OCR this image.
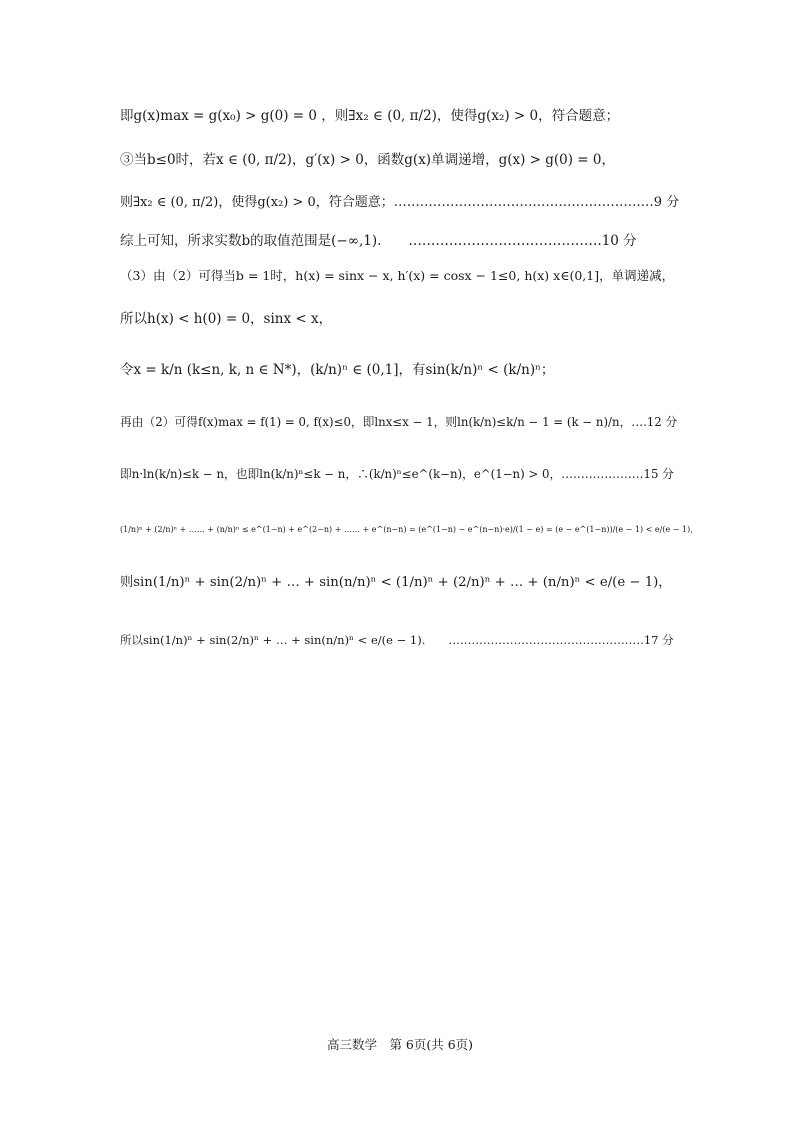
即g(x)max = g(x₀) > g(0) = 0 ，则∃x₂ ∈ (0, π/2)，使得g(x₂) > 0，符合题意；
③当b≤0时，若x ∈ (0, π/2)，g′(x) > 0，函数g(x)单调递增，g(x) > g(0) = 0，
则∃x₂ ∈ (0, π/2)，使得g(x₂) > 0，符合题意；……………………………………………………9 分
综上可知，所求实数b的取值范围是(−∞,1).　　…………………………………….10 分
（3）由（2）可得当b = 1时，h(x) = sinx − x, h′(x) = cosx − 1≤0, h(x) x∈(0,1]，单调递减，
所以h(x) < h(0) = 0，sinx < x，
令x = k/n (k≤n, k, n ∈ N*)，(k/n)ⁿ ∈ (0,1]，有sin(k/n)ⁿ < (k/n)ⁿ；
再由（2）可得f(x)max = f(1) = 0, f(x)≤0，即lnx≤x − 1，则ln(k/n)≤k/n − 1 = (k − n)/n，….12 分
即n·ln(k/n)≤k − n，也即ln(k/n)ⁿ≤k − n，∴(k/n)ⁿ≤e^(k−n)，e^(1−n) > 0，…………………15 分
(1/n)ⁿ + (2/n)ⁿ + …… + (n/n)ⁿ ≤ e^(1−n) + e^(2−n) + …… + e^(n−n) = (e^(1−n) − e^(n−n)·e)/(1 − e) = (e − e^(1−n))/(e − 1) < e/(e − 1)，
则sin(1/n)ⁿ + sin(2/n)ⁿ + … + sin(n/n)ⁿ < (1/n)ⁿ + (2/n)ⁿ + … + (n/n)ⁿ < e/(e − 1)，
所以sin(1/n)ⁿ + sin(2/n)ⁿ + … + sin(n/n)ⁿ < e/(e − 1).　　……………………………………………17 分
高三数学　第 6页(共 6页)
